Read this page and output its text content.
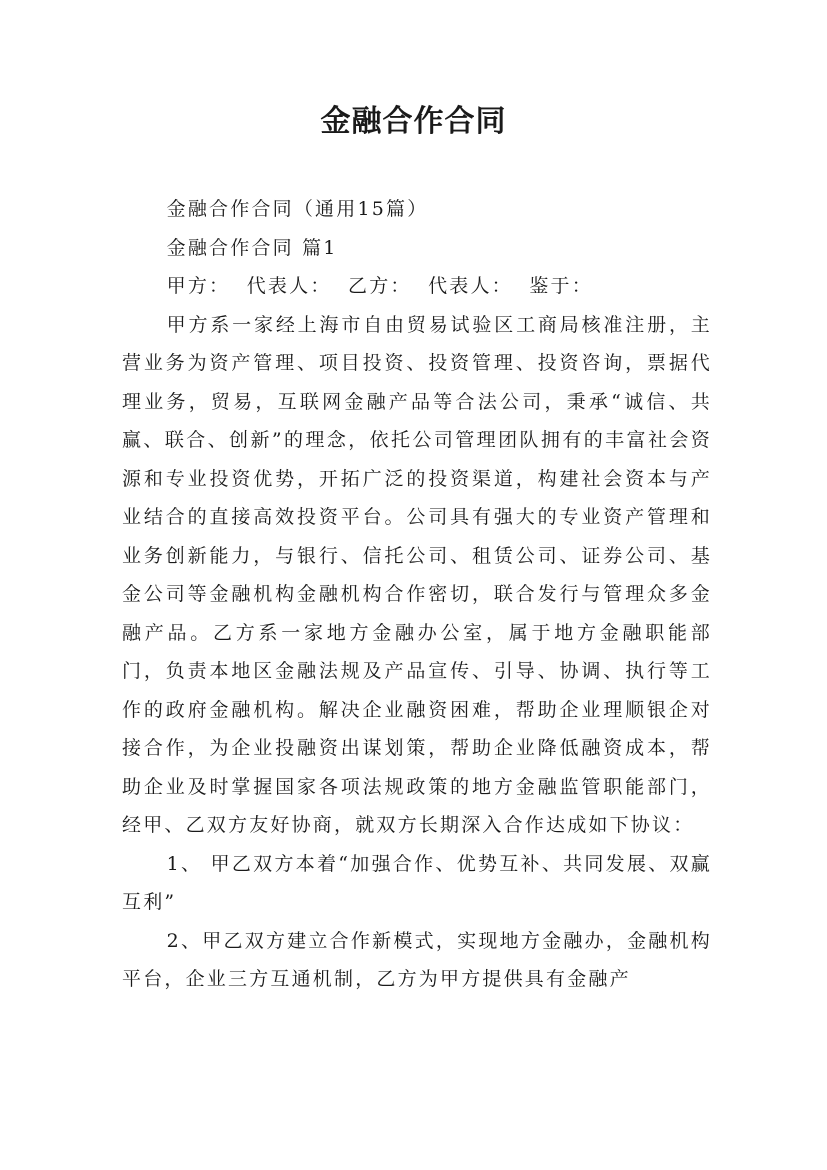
金融合作合同

金融合作合同（通用15篇）

金融合作合同 篇1

甲方：  代表人：  乙方：  代表人：  鉴于：

甲方系一家经上海市自由贸易试验区工商局核准注册，主营业务为资产管理、项目投资、投资管理、投资咨询，票据代理业务，贸易，互联网金融产品等合法公司，秉承“诚信、共赢、联合、创新”的理念，依托公司管理团队拥有的丰富社会资源和专业投资优势，开拓广泛的投资渠道，构建社会资本与产业结合的直接高效投资平台。公司具有强大的专业资产管理和业务创新能力，与银行、信托公司、租赁公司、证券公司、基金公司等金融机构金融机构合作密切，联合发行与管理众多金融产品。乙方系一家地方金融办公室，属于地方金融职能部门，负责本地区金融法规及产品宣传、引导、协调、执行等工作的政府金融机构。解决企业融资困难，帮助企业理顺银企对接合作，为企业投融资出谋划策，帮助企业降低融资成本，帮助企业及时掌握国家各项法规政策的地方金融监管职能部门，经甲、乙双方友好协商，就双方长期深入合作达成如下协议：

1、 甲乙双方本着“加强合作、优势互补、共同发展、双赢互利”

2、甲乙双方建立合作新模式，实现地方金融办，金融机构平台，企业三方互通机制，乙方为甲方提供具有金融产
